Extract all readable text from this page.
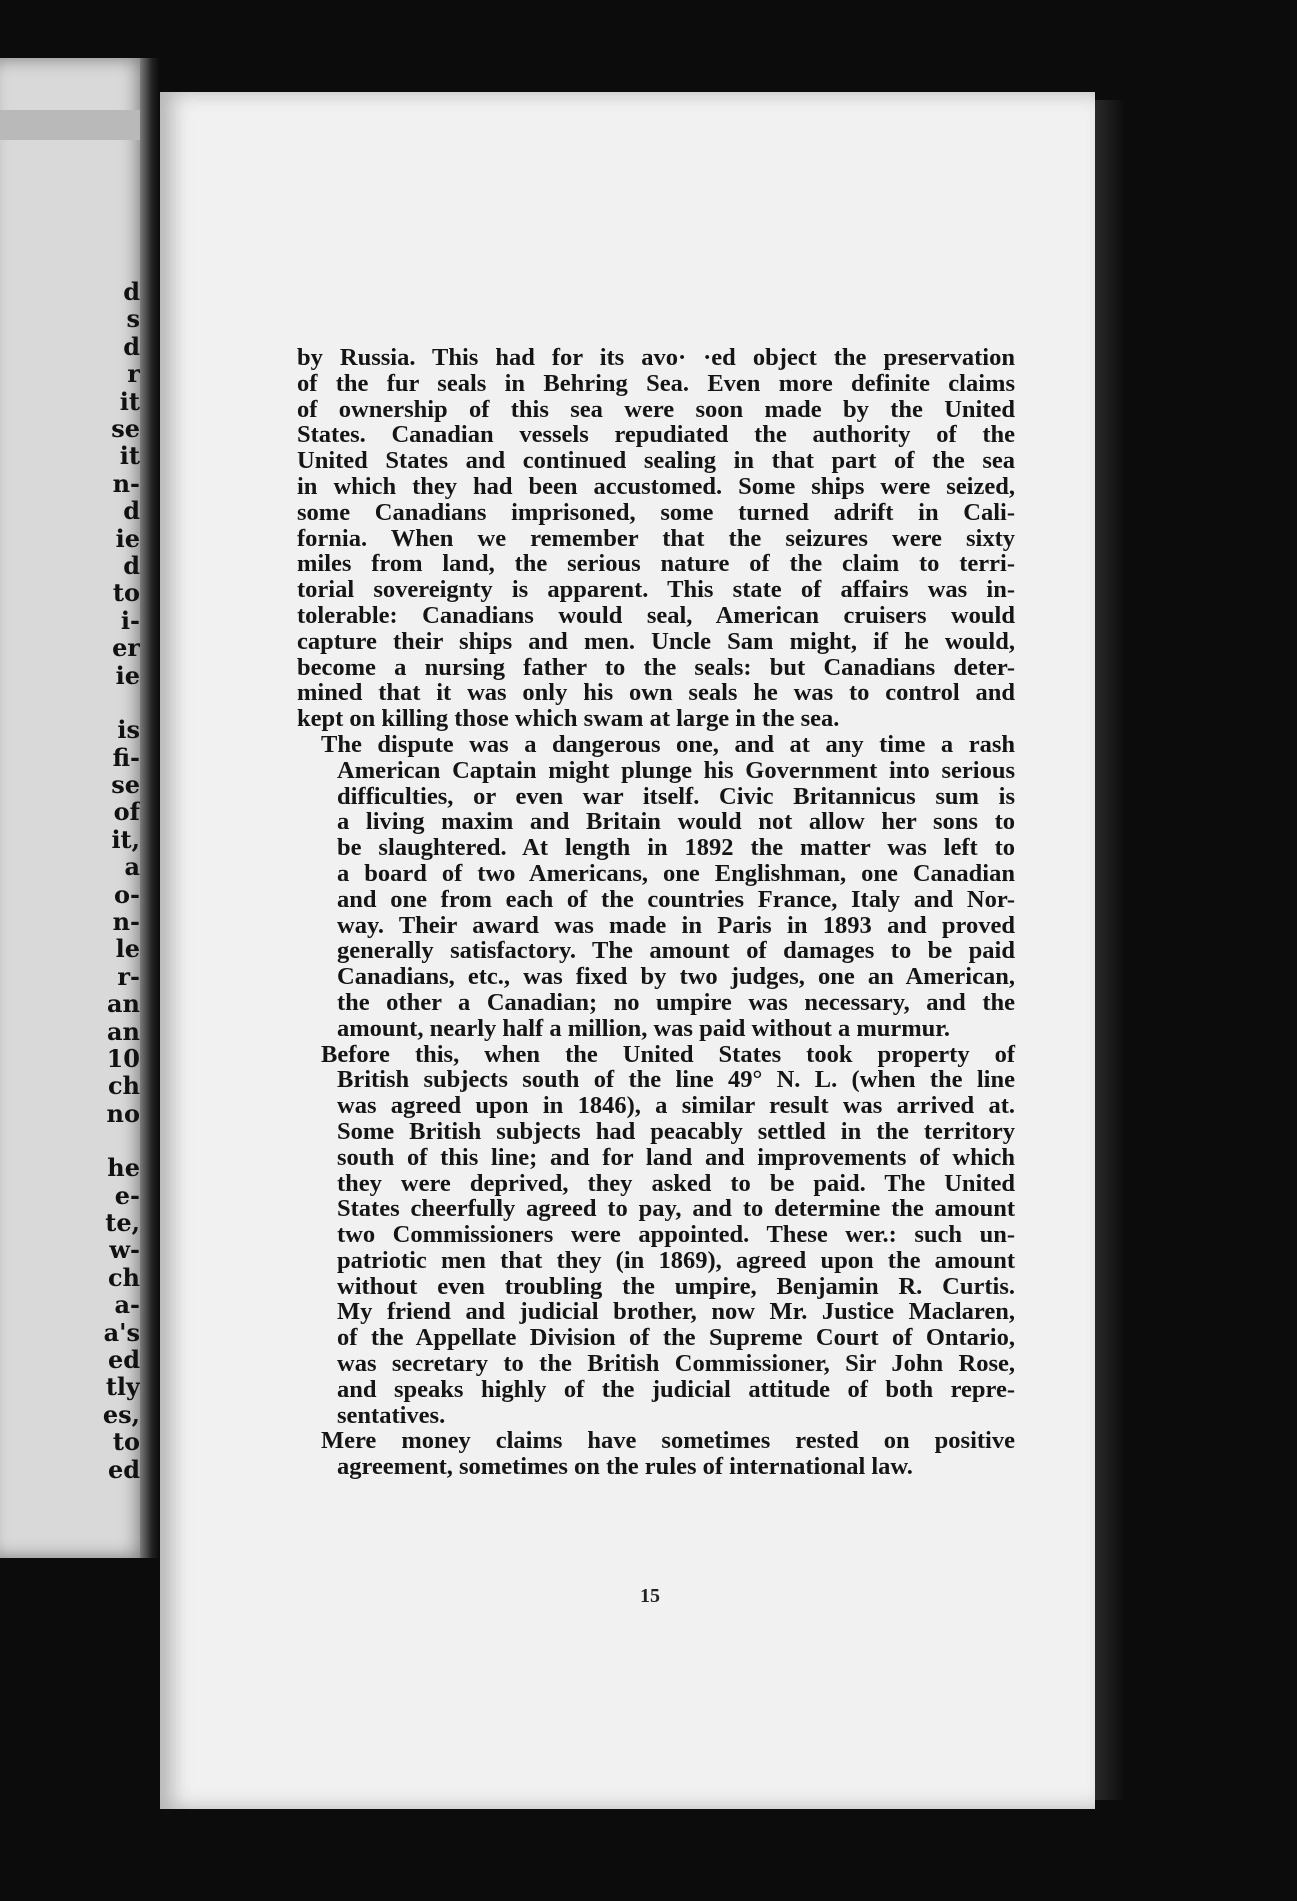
d
s
d
r
it
se
it
n-
d
ie
d
to
i-
er
ie

is
fi-
se
of
it,
a
o-
n-
le
r-
an
an
10
ch
no

he
e-
te,
w-
ch
a-
a's
ed
tly
es,
to
ed

by Russia. This had for its avo· ·ed object the preservation
of the fur seals in Behring Sea. Even more definite claims
of ownership of this sea were soon made by the United
States. Canadian vessels repudiated the authority of the
United States and continued sealing in that part of the sea
in which they had been accustomed. Some ships were seized,
some Canadians imprisoned, some turned adrift in Cali-
fornia. When we remember that the seizures were sixty
miles from land, the serious nature of the claim to terri-
torial sovereignty is apparent. This state of affairs was in-
tolerable: Canadians would seal, American cruisers would
capture their ships and men. Uncle Sam might, if he would,
become a nursing father to the seals: but Canadians deter-
mined that it was only his own seals he was to control and
kept on killing those which swam at large in the sea.

The dispute was a dangerous one, and at any time a rash
American Captain might plunge his Government into serious
difficulties, or even war itself. Civic Britannicus sum is
a living maxim and Britain would not allow her sons to
be slaughtered. At length in 1892 the matter was left to
a board of two Americans, one Englishman, one Canadian
and one from each of the countries France, Italy and Nor-
way. Their award was made in Paris in 1893 and proved
generally satisfactory. The amount of damages to be paid
Canadians, etc., was fixed by two judges, one an American,
the other a Canadian; no umpire was necessary, and the
amount, nearly half a million, was paid without a murmur.

Before this, when the United States took property of
British subjects south of the line 49° N. L. (when the line
was agreed upon in 1846), a similar result was arrived at.
Some British subjects had peacably settled in the territory
south of this line; and for land and improvements of which
they were deprived, they asked to be paid. The United
States cheerfully agreed to pay, and to determine the amount
two Commissioners were appointed. These wer.: such un-
patriotic men that they (in 1869), agreed upon the amount
without even troubling the umpire, Benjamin R. Curtis.
My friend and judicial brother, now Mr. Justice Maclaren,
of the Appellate Division of the Supreme Court of Ontario,
was secretary to the British Commissioner, Sir John Rose,
and speaks highly of the judicial attitude of both repre-
sentatives.

Mere money claims have sometimes rested on positive
agreement, sometimes on the rules of international law.

15
